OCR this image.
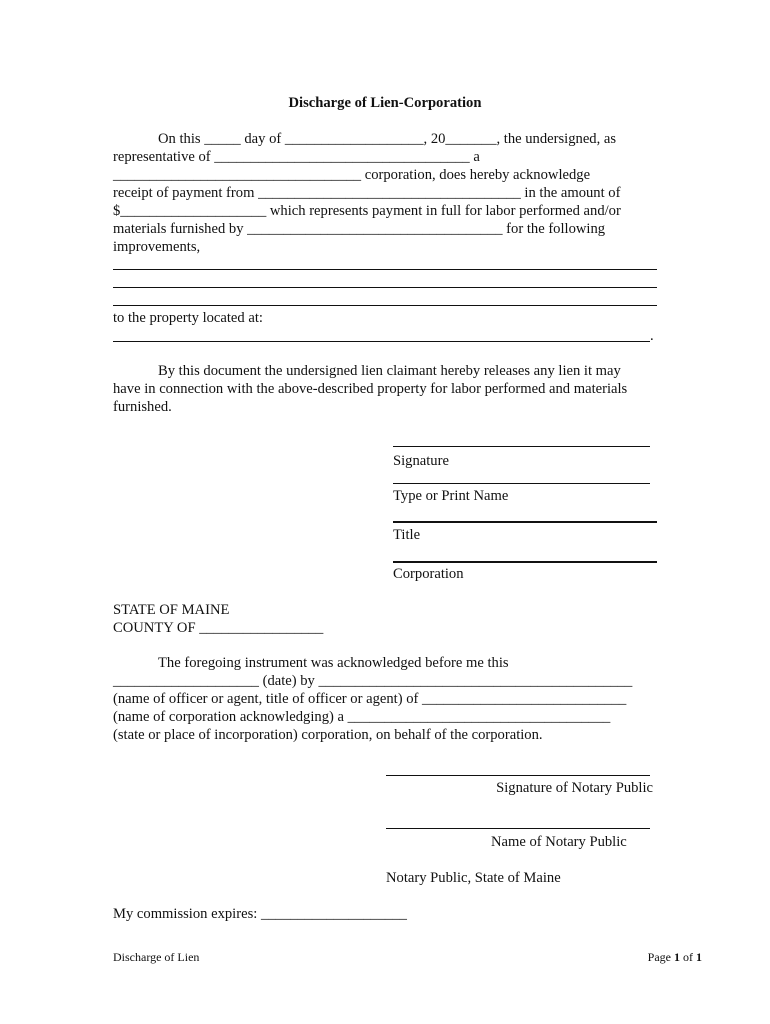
Discharge of Lien-Corporation
On this _____ day of ___________________, 20_______, the undersigned, as
representative of ___________________________________ a
__________________________________ corporation, does hereby acknowledge
receipt of payment from ____________________________________ in the amount of
$____________________ which represents payment in full for labor performed and/or
materials furnished by ___________________________________ for the following
improvements,
to the property located at:
.
By this document the undersigned lien claimant hereby releases any lien it may
have in connection with the above-described property for labor performed and materials
furnished.
Signature
Type or Print Name
Title
Corporation
STATE OF MAINE
COUNTY OF _________________
The foregoing instrument was acknowledged before me this
____________________ (date) by ___________________________________________
(name of officer or agent, title of officer or agent) of ____________________________
(name of corporation acknowledging) a ____________________________________
(state or place of incorporation) corporation, on behalf of the corporation.
Signature of Notary Public
Name of Notary Public
Notary Public, State of Maine
My commission expires: ____________________
Discharge of Lien	Page 1 of 1
